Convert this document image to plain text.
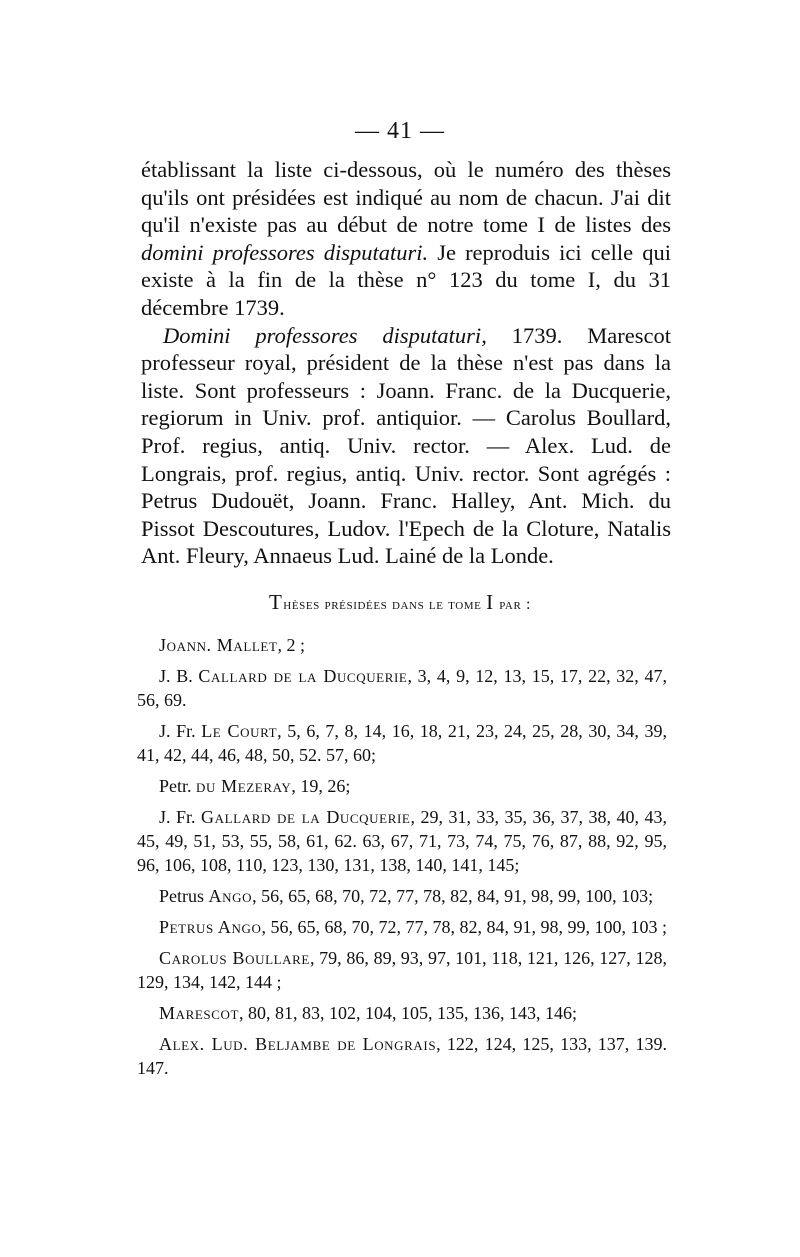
— 41 —

établissant la liste ci-dessous, où le numéro des thèses qu'ils ont présidées est indiqué au nom de chacun. J'ai dit qu'il n'existe pas au début de notre tome I de listes des domini professores disputaturi. Je reproduis ici celle qui existe à la fin de la thèse n° 123 du tome I, du 31 décembre 1739.

Domini professores disputaturi, 1739. Marescot professeur royal, président de la thèse n'est pas dans la liste. Sont professeurs : Joann. Franc. de la Ducquerie, regiorum in Univ. prof. antiquior. — Carolus Boullard, Prof. regius, antiq. Univ. rector. — Alex. Lud. de Longrais, prof. regius, antiq. Univ. rector. Sont agrégés : Petrus Dudouët, Joann. Franc. Halley, Ant. Mich. du Pissot Descoutures, Ludov. l'Epech de la Cloture, Natalis Ant. Fleury, Annaeus Lud. Lainé de la Londe.

Thèses présidées dans le tome I par :

Joann. Mallet, 2 ;

J. B. Callard de la Ducquerie, 3, 4, 9, 12, 13, 15, 17, 22, 32, 47, 56, 69.

J. Fr. Le Court, 5, 6, 7, 8, 14, 16, 18, 21, 23, 24, 25, 28, 30, 34, 39, 41, 42, 44, 46, 48, 50, 52. 57, 60;

Petr. du Mezeray, 19, 26;

J. Fr. Gallard de la Ducquerie, 29, 31, 33, 35, 36, 37, 38, 40, 43, 45, 49, 51, 53, 55, 58, 61, 62. 63, 67, 71, 73, 74, 75, 76, 87, 88, 92, 95, 96, 106, 108, 110, 123, 130, 131, 138, 140, 141, 145;

Petrus Ango, 56, 65, 68, 70, 72, 77, 78, 82, 84, 91, 98, 99, 100, 103;

Petrus Ango, 56, 65, 68, 70, 72, 77, 78, 82, 84, 91, 98, 99, 100, 103 ;

Carolus Boullare, 79, 86, 89, 93, 97, 101, 118, 121, 126, 127, 128, 129, 134, 142, 144 ;

Marescot, 80, 81, 83, 102, 104, 105, 135, 136, 143, 146;

Alex. Lud. Beljambe de Longrais, 122, 124, 125, 133, 137, 139. 147.
